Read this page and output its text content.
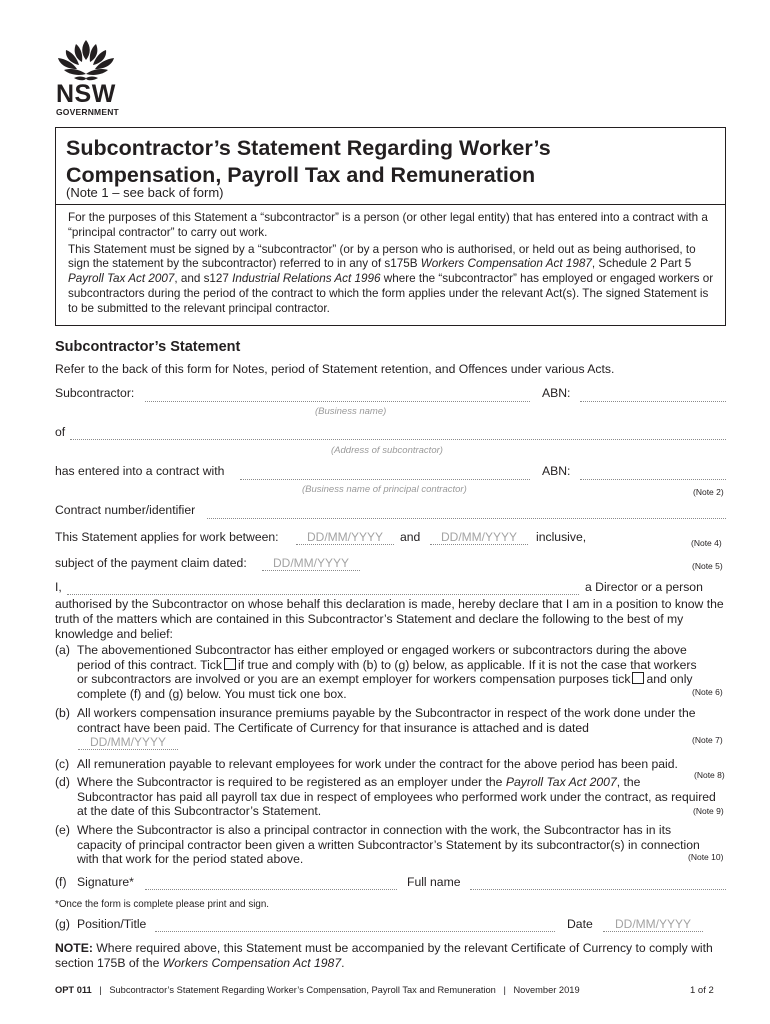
NSW
GOVERNMENT
Subcontractor’s Statement Regarding Worker’s Compensation, Payroll Tax and Remuneration
(Note 1 – see back of form)

For the purposes of this Statement a “subcontractor” is a person (or other legal entity) that has entered into a contract with a “principal contractor” to carry out work.

This Statement must be signed by a “subcontractor” (or by a person who is authorised, or held out as being authorised, to sign the statement by the subcontractor) referred to in any of s175B Workers Compensation Act 1987, Schedule 2 Part 5 Payroll Tax Act 2007, and s127 Industrial Relations Act 1996 where the “subcontractor” has employed or engaged workers or subcontractors during the period of the contract to which the form applies under the relevant Act(s). The signed Statement is to be submitted to the relevant principal contractor.

Subcontractor’s Statement
Refer to the back of this form for Notes, period of Statement retention, and Offences under various Acts.
Subcontractor:	ABN:
(Business name)
of
(Address of subcontractor)
has entered into a contract with	ABN:
(Business name of principal contractor)	(Note 2)
Contract number/identifier
This Statement applies for work between:	DD/MM/YYYY	and	DD/MM/YYYY	inclusive,	(Note 4)
subject of the payment claim dated:	DD/MM/YYYY	(Note 5)
I,	a Director or a person
authorised by the Subcontractor on whose behalf this declaration is made, hereby declare that I am in a position to know the truth of the matters which are contained in this Subcontractor’s Statement and declare the following to the best of my knowledge and belief:
(a) The abovementioned Subcontractor has either employed or engaged workers or subcontractors during the above period of this contract. Tick if true and comply with (b) to (g) below, as applicable. If it is not the case that workers or subcontractors are involved or you are an exempt employer for workers compensation purposes tick and only complete (f) and (g) below. You must tick one box.	(Note 6)
(b) All workers compensation insurance premiums payable by the Subcontractor in respect of the work done under the contract have been paid. The Certificate of Currency for that insurance is attached and is dated
DD/MM/YYYY	(Note 7)
(c) All remuneration payable to relevant employees for work under the contract for the above period has been paid.
(Note 8)
(d) Where the Subcontractor is required to be registered as an employer under the Payroll Tax Act 2007, the Subcontractor has paid all payroll tax due in respect of employees who performed work under the contract, as required at the date of this Subcontractor’s Statement.	(Note 9)
(e) Where the Subcontractor is also a principal contractor in connection with the work, the Subcontractor has in its capacity of principal contractor been given a written Subcontractor’s Statement by its subcontractor(s) in connection with that work for the period stated above.	(Note 10)
(f) Signature*	Full name
*Once the form is complete please print and sign.
(g) Position/Title	Date	DD/MM/YYYY
NOTE: Where required above, this Statement must be accompanied by the relevant Certificate of Currency to comply with section 175B of the Workers Compensation Act 1987.
OPT 011 | Subcontractor’s Statement Regarding Worker’s Compensation, Payroll Tax and Remuneration | November 2019	1 of 2
